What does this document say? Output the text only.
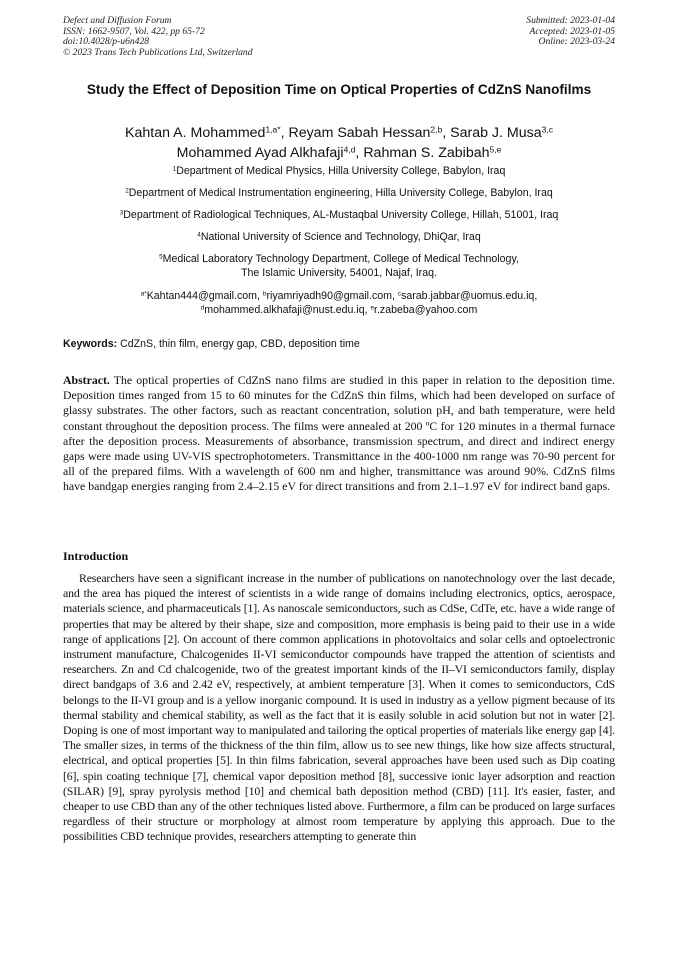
Defect and Diffusion Forum
ISSN: 1662-9507, Vol. 422, pp 65-72
doi:10.4028/p-u6n428
© 2023 Trans Tech Publications Ltd, Switzerland
Submitted: 2023-01-04
Accepted: 2023-01-05
Online: 2023-03-24
Study the Effect of Deposition Time on Optical Properties of CdZnS Nanofilms
Kahtan A. Mohammed$^{1,a*}$, Reyam Sabah Hessan$^{2,b}$, Sarab J. Musa$^{3,c}$
Mohammed Ayad Alkhafaji$^{4,d}$, Rahman S. Zabibah$^{5,e}$
$^1$Department of Medical Physics, Hilla University College, Babylon, Iraq
$^2$Department of Medical Instrumentation engineering, Hilla University College, Babylon, Iraq
$^3$Department of Radiological Techniques, AL-Mustaqbal University College, Hillah, 51001, Iraq
$^4$National University of Science and Technology, DhiQar, Iraq
$^5$Medical Laboratory Technology Department, College of Medical Technology,
The Islamic University, 54001, Najaf, Iraq.
$^{a*}$Kahtan444@gmail.com, $^b$riyamriyadh90@gmail.com, $^c$sarab.jabbar@uomus.edu.iq,
$^d$mohammed.alkhafaji@nust.edu.iq, $^e$r.zabeba@yahoo.com
Keywords: CdZnS, thin film, energy gap, CBD, deposition time
Abstract. The optical properties of CdZnS nano films are studied in this paper in relation to the deposition time. Deposition times ranged from 15 to 60 minutes for the CdZnS thin films, which had been developed on surface of glassy substrates. The other factors, such as reactant concentration, solution pH, and bath temperature, were held constant throughout the deposition process. The films were annealed at 200 ºC for 120 minutes in a thermal furnace after the deposition process. Measurements of absorbance, transmission spectrum, and direct and indirect energy gaps were made using UV-VIS spectrophotometers. Transmittance in the 400-1000 nm range was 70-90 percent for all of the prepared films. With a wavelength of 600 nm and higher, transmittance was around 90%. CdZnS films have bandgap energies ranging from 2.4–2.15 eV for direct transitions and from 2.1–1.97 eV for indirect band gaps.
Introduction
Researchers have seen a significant increase in the number of publications on nanotechnology over the last decade, and the area has piqued the interest of scientists in a wide range of domains including electronics, optics, aerospace, materials science, and pharmaceuticals [1]. As nanoscale semiconductors, such as CdSe, CdTe, etc. have a wide range of properties that may be altered by their shape, size and composition, more emphasis is being paid to their use in a wide range of applications [2]. On account of there common applications in photovoltaics and solar cells and optoelectronic instrument manufacture, Chalcogenides II-VI semiconductor compounds have trapped the attention of scientists and researchers. Zn and Cd chalcogenide, two of the greatest important kinds of the II–VI semiconductors family, display direct bandgaps of 3.6 and 2.42 eV, respectively, at ambient temperature [3]. When it comes to semiconductors, CdS belongs to the II-VI group and is a yellow inorganic compound. It is used in industry as a yellow pigment because of its thermal stability and chemical stability, as well as the fact that it is easily soluble in acid solution but not in water [2]. Doping is one of most important way to manipulated and tailoring the optical properties of materials like energy gap [4]. The smaller sizes, in terms of the thickness of the thin film, allow us to see new things, like how size affects structural, electrical, and optical properties [5]. In thin films fabrication, several approaches have been used such as Dip coating [6], spin coating technique [7], chemical vapor deposition method [8], successive ionic layer adsorption and reaction (SILAR) [9], spray pyrolysis method [10] and chemical bath deposition method (CBD) [11]. It's easier, faster, and cheaper to use CBD than any of the other techniques listed above. Furthermore, a film can be produced on large surfaces regardless of their structure or morphology at almost room temperature by applying this approach. Due to the possibilities CBD technique provides, researchers attempting to generate thin
